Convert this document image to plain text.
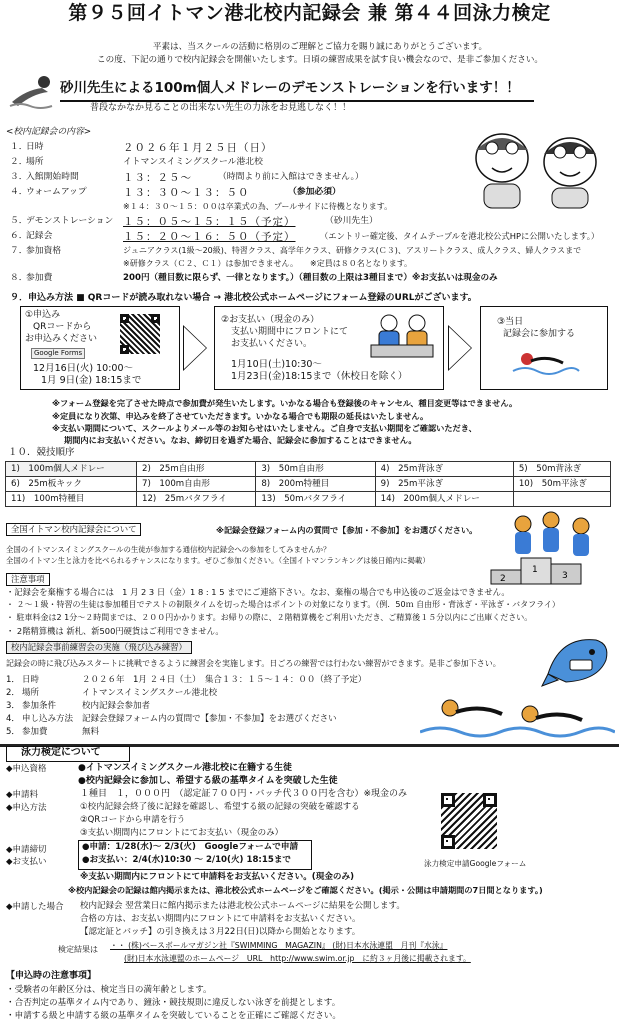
第９５回イトマン港北校内記録会 兼 第４４回泳力検定
平素は、当スクールの活動に格別のご理解とご協力を賜り誠にありがとうございます。
この度、下記の通りで校内記録会を開催いたします。日頃の練習成果を試す良い機会なので、是非ご参加ください。
砂川先生による100m個人メドレーのデモンストレーションを行います！！
普段なかなか見ることの出来ない先生の力泳をお見逃しなく！！
<校内記録会の内容>
１．
日時	２０２６年１月２５日（日）
２．
場所	イトマンスイミングスクール港北校
３．
入館開始時間	１３：２５～	（時間より前に入館はできません。）
４．
ウォームアップ	１３：３０～１３：５０	（参加必須）
※１４：３０～１５：００は卒業式の為、プールサイドに待機となります。
５．
デモンストレーション １５：０５～１５：１５（予定）	（砂川先生）
６．
記録会	１５：２０～１６：５０（予定）	（エントリー確定後、タイムテーブルを港北校公式HPに公開いたします。）
７．
参加資格	ジュニアクラス(1級～20級)、特習クラス、高学年クラス、研修クラス(Ｃ３)、アスリートクラス、成人クラス、婦人クラスまで
※研修クラス（Ｃ２、Ｃ１）は参加できません。 ※定員は８０名となります。
８．
参加費	200円（種目数に限らず、一律となります。）（種目数の上限は3種目まで）※お支払いは現金のみ
９．申込み方法 ■ QRコードが読み取れない場合 → 港北校公式ホームページにフォーム登録のURLがございます。
①申込み
QRコードから
お申込みください
Google Forms
12月16日(火) 10:00～
1月 9日(金) 18:15まで
②お支払い（現金のみ）
支払い期間中にフロントにて
お支払いください。
1月10日(土)10:30～
1月23日(金)18:15まで（休校日を除く）
③当日
記録会に参加する
※フォーム登録を完了させた時点で参加費が発生いたします。いかなる場合も登録後のキャンセル、種目変更等はできません。
※定員になり次第、申込みを終了させていただきます。いかなる場合でも期限の延長はいたしません。
※支払い期間について、スクールよりメール等のお知らせはいたしません。ご自身で支払い期間をご確認いただき、
期間内にお支払いください。なお、締切日を過ぎた場合、記録会に参加することはできません。
１０．競技順序
1)　100m個人メドレー	2)　25m自由形	3)　50m自由形	4)　25m背泳ぎ	5)　50m背泳ぎ
6)　25m板キック	7)　100m自由形	8)　200m特種目	9)　25m平泳ぎ	10)　50m平泳ぎ
11)　100m特種目	12)　25mバタフライ	13)　50mバタフライ	14)　200m個人メドレー	
全国イトマン校内記録会について	※記録会登録フォーム内の質問で【参加・不参加】をお選びください。
全国のイトマンスイミングスクールの生徒が参加する通信校内記録会への参加をしてみませんか？
全国のイトマン生と泳力を比べられるチャンスになります。ぜひご参加ください。（全国イトマンランキングは後日館内に掲載）
2
1
3
注意事項
・記録会を棄権する場合には　1 月 2 3 日（金）1 8 : 1 5 までにご連絡下さい。なお、棄権の場合でも申込後のご返金はできません。
・ ２～１級・特習の生徒は参加種目でテストの制限タイムを切った場合はポイントの対象になります。（例．50ｍ 自由形・背泳ぎ・平泳ぎ・バタフライ）
・ 駐車料金は2 1分～２時間までは、２００円かかります。お帰りの際に、２階精算機をご利用いただき、ご精算後１５分以内にご出庫ください。
・ 2階精算機は 新札、新500円硬貨はご利用できません。
校内記録会事前練習会の実施（飛び込み練習）
記録会の時に飛び込みスタートに挑戦できるように練習会を実施します。日ごろの練習では行わない練習ができます。是非ご参加下さい。
1． 日時	２０２６年　1月 ２４日（土）　集合１３：１５～１４：００（終了予定）
2． 場所	イトマンスイミングスクール港北校
3． 参加条件	校内記録会参加者
4． 申し込み方法 記録会登録フォーム内の質問で【参加・不参加】をお選びください
5． 参加費	無料
泳力検定について
◆申込資格	●イトマンスイミングスクール港北校に在籍する生徒
●校内記録会に参加し、希望する級の基準タイムを突破した生徒
◆申請料	１種目　１，０００円　（認定証７００円・バッチ代３００円を含む）※現金のみ
◆申込方法	①校内記録会終了後に記録を確認し、希望する級の記録の突破を確認する
②QRコードから申請を行う
③支払い期間内にフロントにてお支払い（現金のみ）
◆申請締切	●申請：1/28(水)～ 2/3(火)　Googleフォームで申請
◆お支払い	●お支払い：2/4(水)10:30 ～ 2/10(火) 18:15まで	泳力検定申請Googleフォーム
※支払い期間内にフロントにて申請料をお支払いください。(現金のみ)
※校内記録会の記録は館内掲示または、港北校公式ホームページをご確認ください。(掲示・公開は申請期間の7日間となります。)
◆申請した場合 校内記録会 翌営業日に館内掲示または港北校公式ホームページに結果を公開します。
合格の方は、お支払い期間内にフロントにて申請料をお支払いください。
【認定証とバッチ】の引き換えは３月22日(日)以降から開始となります。
検定結果は ・・ (株)ベースボールマガジン社『SWIMMING　MAGAZIN』 (財)日本水泳連盟　月刊『水泳』
(財)日本水泳連盟のホームページ　URL　http://www.swim.or.jp　に約３ヶ月後に掲載されます。
【申込時の注意事項】
・受験者の年齢区分は、検定当日の満年齢とします。
・合否判定の基準タイム内であり、鐘泳・競技規則に違反しない泳ぎを前提とします。
・申請する級と申請する級の基準タイムを突破していることを正確にご確認ください。
